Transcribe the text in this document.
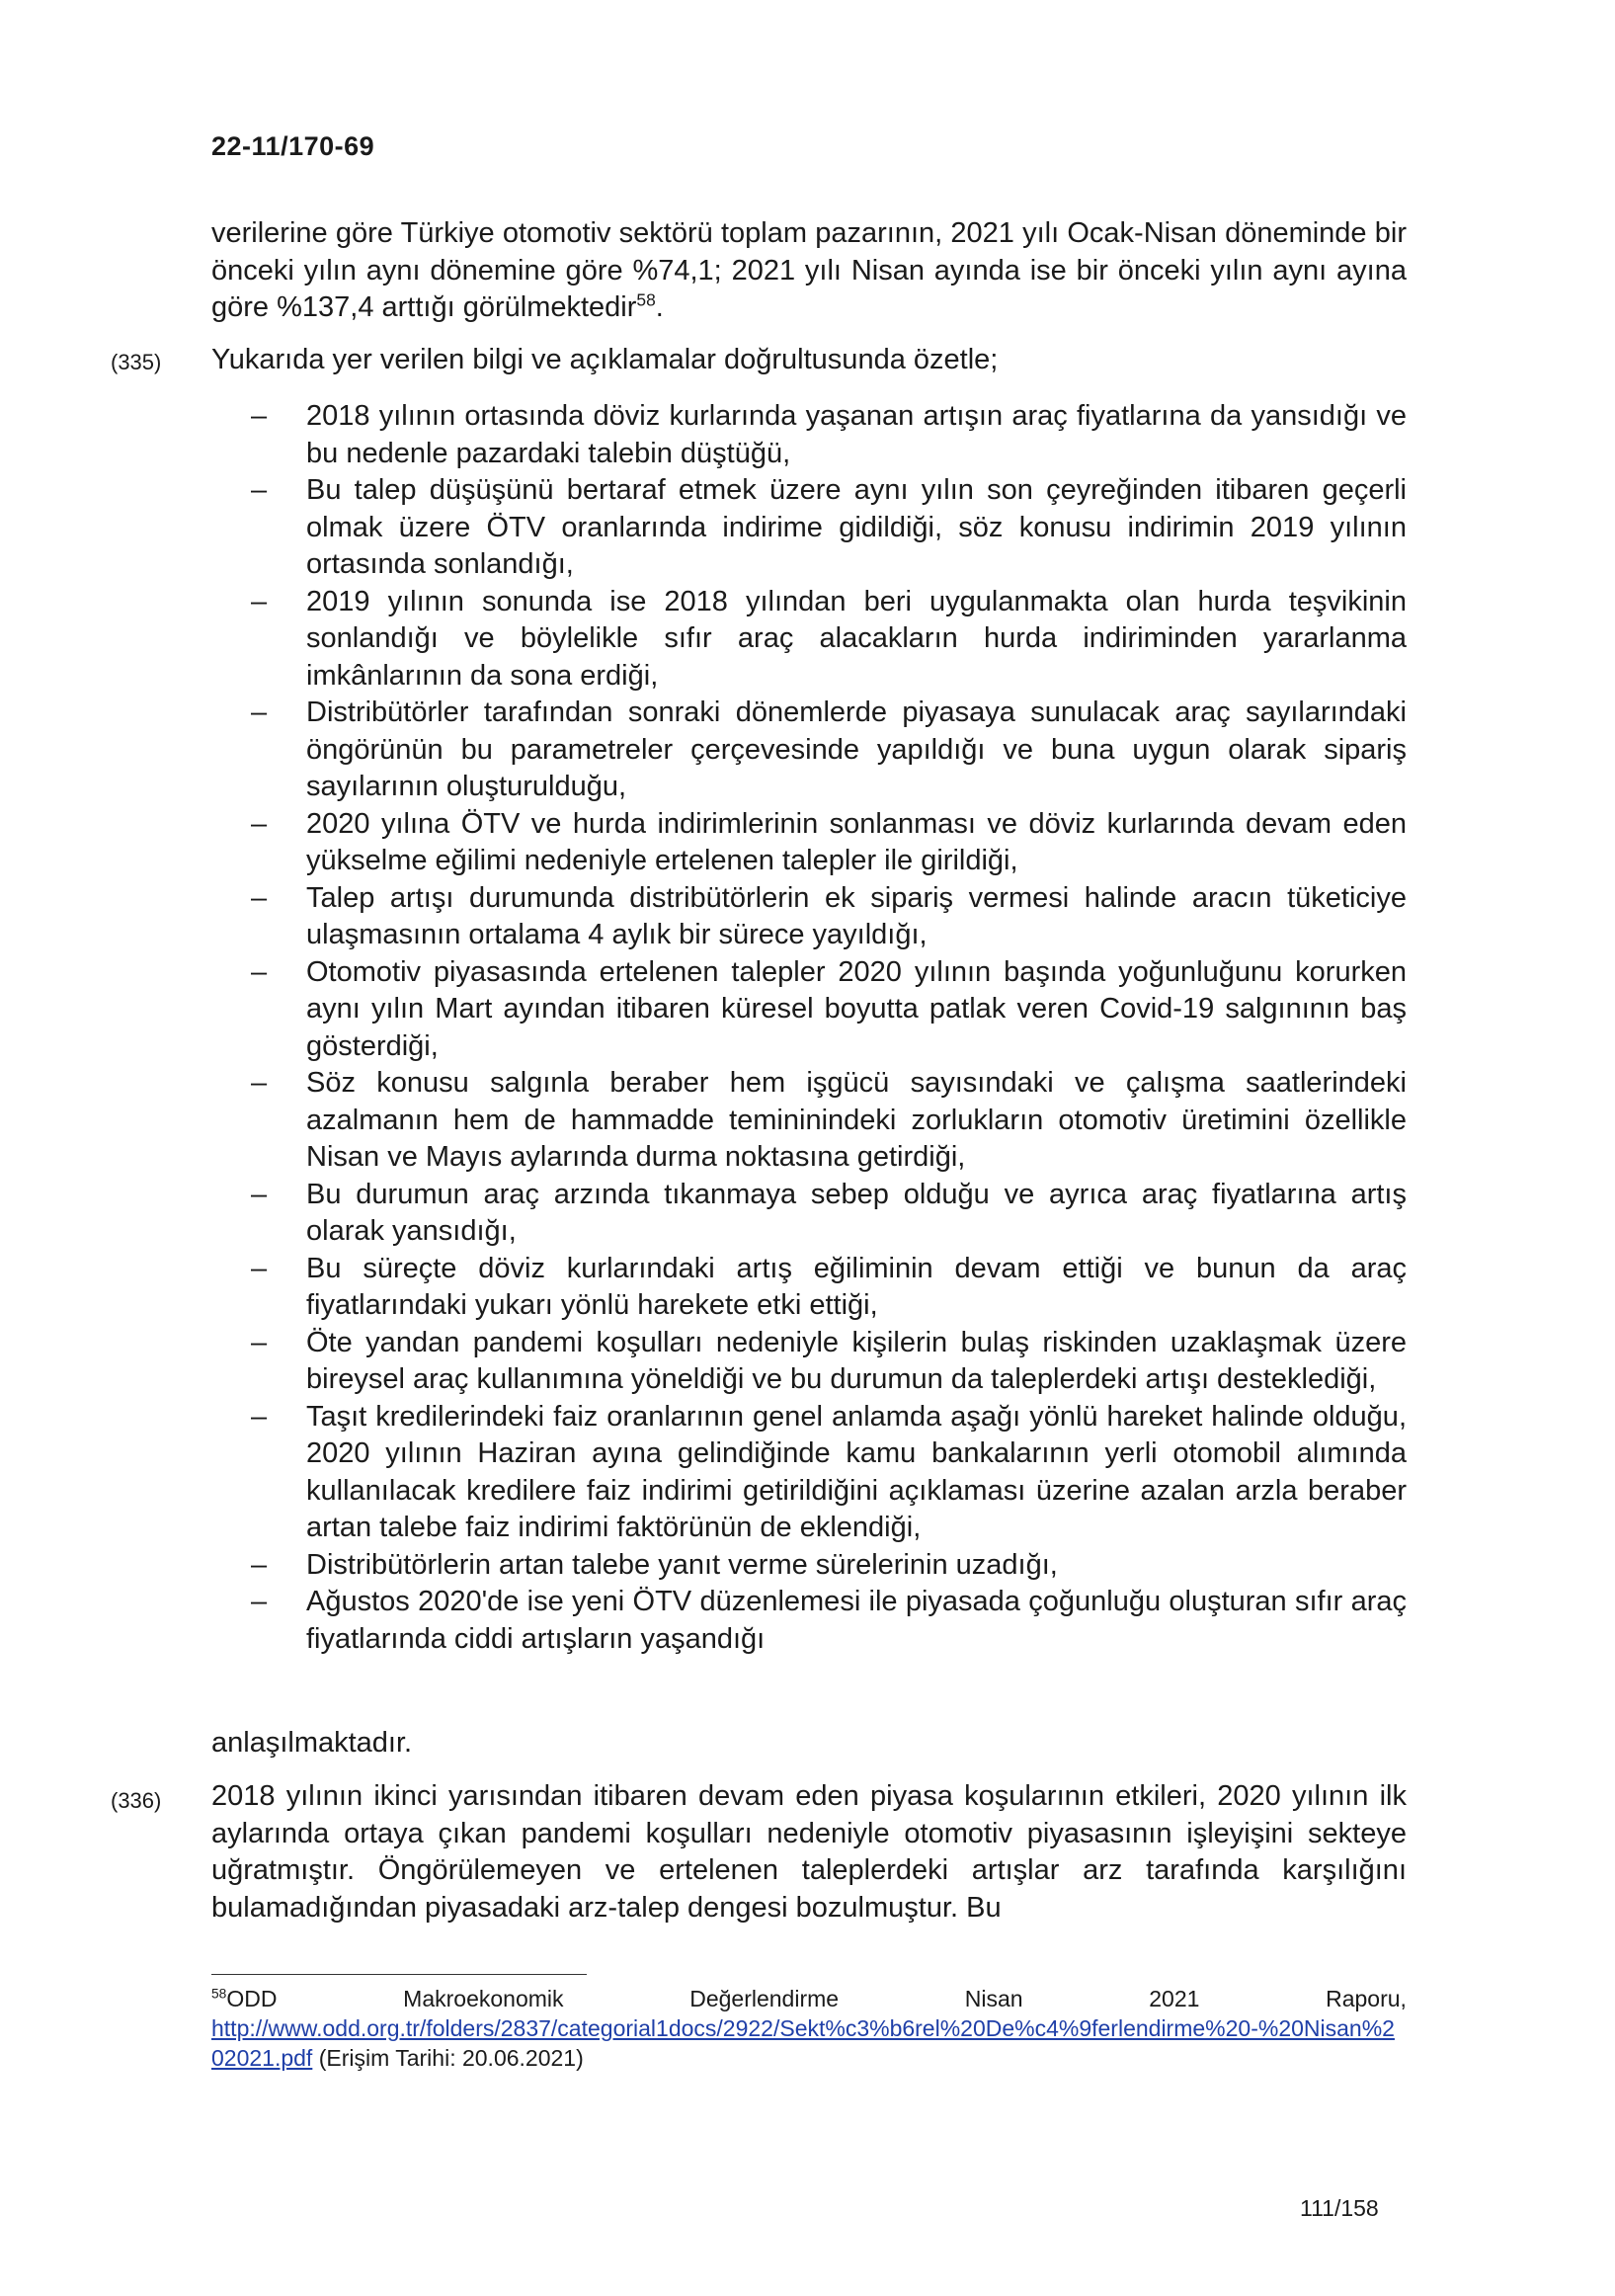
22-11/170-69
verilerine göre Türkiye otomotiv sektörü toplam pazarının, 2021 yılı Ocak-Nisan döneminde bir önceki yılın aynı dönemine göre %74,1; 2021 yılı Nisan ayında ise bir önceki yılın aynı ayına göre %137,4 arttığı görülmektedir$^{58}$.
(335) Yukarıda yer verilen bilgi ve açıklamalar doğrultusunda özetle;
– 2018 yılının ortasında döviz kurlarında yaşanan artışın araç fiyatlarına da yansıdığı ve bu nedenle pazardaki talebin düştüğü,
– Bu talep düşüşünü bertaraf etmek üzere aynı yılın son çeyreğinden itibaren geçerli olmak üzere ÖTV oranlarında indirime gidildiği, söz konusu indirimin 2019 yılının ortasında sonlandığı,
– 2019 yılının sonunda ise 2018 yılından beri uygulanmakta olan hurda teşvikinin sonlandığı ve böylelikle sıfır araç alacakların hurda indiriminden yararlanma imkânlarının da sona erdiği,
– Distribütörler tarafından sonraki dönemlerde piyasaya sunulacak araç sayılarındaki öngörünün bu parametreler çerçevesinde yapıldığı ve buna uygun olarak sipariş sayılarının oluşturulduğu,
– 2020 yılına ÖTV ve hurda indirimlerinin sonlanması ve döviz kurlarında devam eden yükselme eğilimi nedeniyle ertelenen talepler ile girildiği,
– Talep artışı durumunda distribütörlerin ek sipariş vermesi halinde aracın tüketiciye ulaşmasının ortalama 4 aylık bir sürece yayıldığı,
– Otomotiv piyasasında ertelenen talepler 2020 yılının başında yoğunluğunu korurken aynı yılın Mart ayından itibaren küresel boyutta patlak veren Covid-19 salgınının baş gösterdiği,
– Söz konusu salgınla beraber hem işgücü sayısındaki ve çalışma saatlerindeki azalmanın hem de hammadde temininindeki zorlukların otomotiv üretimini özellikle Nisan ve Mayıs aylarında durma noktasına getirdiği,
– Bu durumun araç arzında tıkanmaya sebep olduğu ve ayrıca araç fiyatlarına artış olarak yansıdığı,
– Bu süreçte döviz kurlarındaki artış eğiliminin devam ettiği ve bunun da araç fiyatlarındaki yukarı yönlü harekete etki ettiği,
– Öte yandan pandemi koşulları nedeniyle kişilerin bulaş riskinden uzaklaşmak üzere bireysel araç kullanımına yöneldiği ve bu durumun da taleplerdeki artışı desteklediği,
– Taşıt kredilerindeki faiz oranlarının genel anlamda aşağı yönlü hareket halinde olduğu, 2020 yılının Haziran ayına gelindiğinde kamu bankalarının yerli otomobil alımında kullanılacak kredilere faiz indirimi getirildiğini açıklaması üzerine azalan arzla beraber artan talebe faiz indirimi faktörünün de eklendiği,
– Distribütörlerin artan talebe yanıt verme sürelerinin uzadığı,
– Ağustos 2020'de ise yeni ÖTV düzenlemesi ile piyasada çoğunluğu oluşturan sıfır araç fiyatlarında ciddi artışların yaşandığı
anlaşılmaktadır.
(336) 2018 yılının ikinci yarısından itibaren devam eden piyasa koşularının etkileri, 2020 yılının ilk aylarında ortaya çıkan pandemi koşulları nedeniyle otomotiv piyasasının işleyişini sekteye uğratmıştır. Öngörülemeyen ve ertelenen taleplerdeki artışlar arz tarafında karşılığını bulamadığından piyasadaki arz-talep dengesi bozulmuştur. Bu
$^{58}$ODD	Makroekonomik	Değerlendirme	Nisan	2021	Raporu,
http://www.odd.org.tr/folders/2837/categorial1docs/2922/Sekt%c3%b6rel%20De%c4%9ferlendirme%20-%20Nisan%202021.pdf (Erişim Tarihi: 20.06.2021)
111/158
